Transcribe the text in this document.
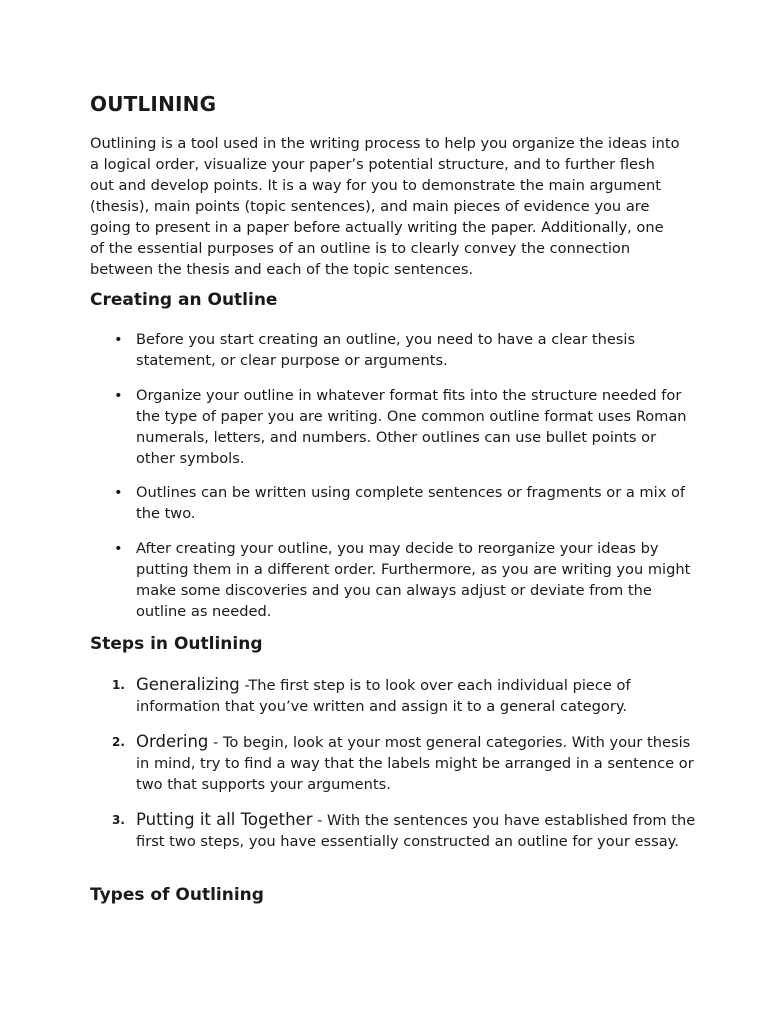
OUTLINING

Outlining is a tool used in the writing process to help you organize the ideas into a logical order, visualize your paper’s potential structure, and to further flesh out and develop points. It is a way for you to demonstrate the main argument (thesis), main points (topic sentences), and main pieces of evidence you are going to present in a paper before actually writing the paper. Additionally, one of the essential purposes of an outline is to clearly convey the connection between the thesis and each of the topic sentences.

Creating an Outline
• Before you start creating an outline, you need to have a clear thesis statement, or clear purpose or arguments.
• Organize your outline in whatever format fits into the structure needed for the type of paper you are writing. One common outline format uses Roman numerals, letters, and numbers. Other outlines can use bullet points or other symbols.
• Outlines can be written using complete sentences or fragments or a mix of the two.
• After creating your outline, you may decide to reorganize your ideas by putting them in a different order. Furthermore, as you are writing you might make some discoveries and you can always adjust or deviate from the outline as needed.
Steps in Outlining
1. Generalizing -The first step is to look over each individual piece of information that you’ve written and assign it to a general category.
2. Ordering - To begin, look at your most general categories. With your thesis in mind, try to find a way that the labels might be arranged in a sentence or two that supports your arguments.
3. Putting it all Together - With the sentences you have established from the first two steps, you have essentially constructed an outline for your essay.
Types of Outlining
